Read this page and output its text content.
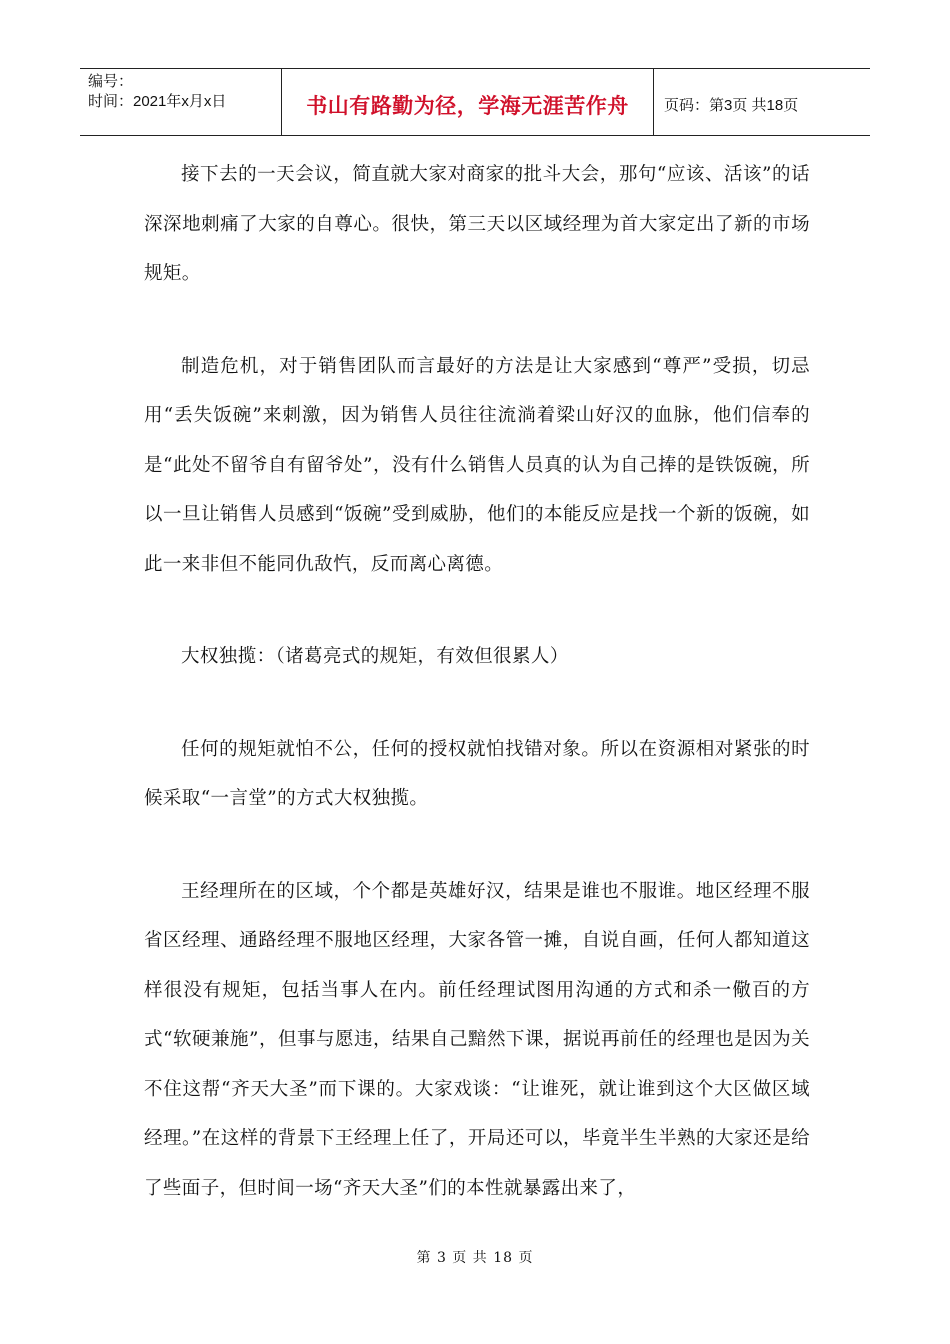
编号：
时间：2021年x月x日	书山有路勤为径，学海无涯苦作舟 页码：第3页 共18页

接下去的一天会议，简直就大家对商家的批斗大会，那句“应该、活该”的话深深地刺痛了大家的自尊心。很快，第三天以区域经理为首大家定出了新的市场规矩。

制造危机，对于销售团队而言最好的方法是让大家感到“尊严”受损，切忌用“丢失饭碗”来刺激，因为销售人员往往流淌着梁山好汉的血脉，他们信奉的是“此处不留爷自有留爷处”，没有什么销售人员真的认为自己捧的是铁饭碗，所以一旦让销售人员感到“饭碗”受到威胁，他们的本能反应是找一个新的饭碗，如此一来非但不能同仇敌忾，反而离心离德。

大权独揽：（诸葛亮式的规矩，有效但很累人）

任何的规矩就怕不公，任何的授权就怕找错对象。所以在资源相对紧张的时候采取“一言堂”的方式大权独揽。

王经理所在的区域，个个都是英雄好汉，结果是谁也不服谁。地区经理不服省区经理、通路经理不服地区经理，大家各管一摊，自说自画，任何人都知道这样很没有规矩，包括当事人在内。前任经理试图用沟通的方式和杀一儆百的方式“软硬兼施”，但事与愿违，结果自己黯然下课，据说再前任的经理也是因为关不住这帮“齐天大圣”而下课的。大家戏谈：“让谁死，就让谁到这个大区做区域经理。”在这样的背景下王经理上任了，开局还可以，毕竟半生半熟的大家还是给了些面子，但时间一场“齐天大圣”们的本性就暴露出来了，

第 3 页 共 18 页
